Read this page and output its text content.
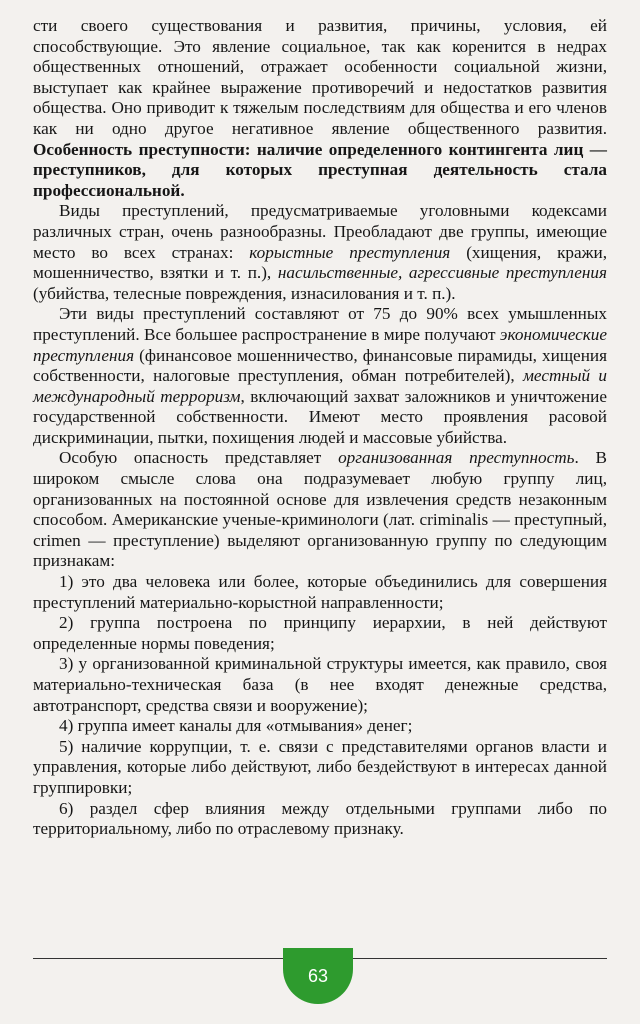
сти своего существования и развития, причины, условия, ей способствующие. Это явление социальное, так как коренится в недрах общественных отношений, отражает особенности социальной жизни, выступает как крайнее выражение противоречий и недостатков развития общества. Оно приводит к тяжелым последствиям для общества и его членов как ни одно другое негативное явление общественного развития. Особенность преступности: наличие определенного контингента лиц — преступников, для которых преступная деятельность стала профессиональной.

Виды преступлений, предусматриваемые уголовными кодексами различных стран, очень разнообразны. Преобладают две группы, имеющие место во всех странах: корыстные преступления (хищения, кражи, мошенничество, взятки и т. п.), насильственные, агрессивные преступления (убийства, телесные повреждения, изнасилования и т. п.).

Эти виды преступлений составляют от 75 до 90% всех умышленных преступлений. Все большее распространение в мире получают экономические преступления (финансовое мошенничество, финансовые пирамиды, хищения собственности, налоговые преступления, обман потребителей), местный и международный терроризм, включающий захват заложников и уничтожение государственной собственности. Имеют место проявления расовой дискриминации, пытки, похищения людей и массовые убийства.

Особую опасность представляет организованная преступность. В широком смысле слова она подразумевает любую группу лиц, организованных на постоянной основе для извлечения средств незаконным способом. Американские ученые-криминологи (лат. criminalis — преступный, crimen — преступление) выделяют организованную группу по следующим признакам:

1) это два человека или более, которые объединились для совершения преступлений материально-корыстной направленности;

2) группа построена по принципу иерархии, в ней действуют определенные нормы поведения;

3) у организованной криминальной структуры имеется, как правило, своя материально-техническая база (в нее входят денежные средства, автотранспорт, средства связи и вооружение);

4) группа имеет каналы для «отмывания» денег;

5) наличие коррупции, т. е. связи с представителями органов власти и управления, которые либо действуют, либо бездействуют в интересах данной группировки;

6) раздел сфер влияния между отдельными группами либо по территориальному, либо по отраслевому признаку.

63
